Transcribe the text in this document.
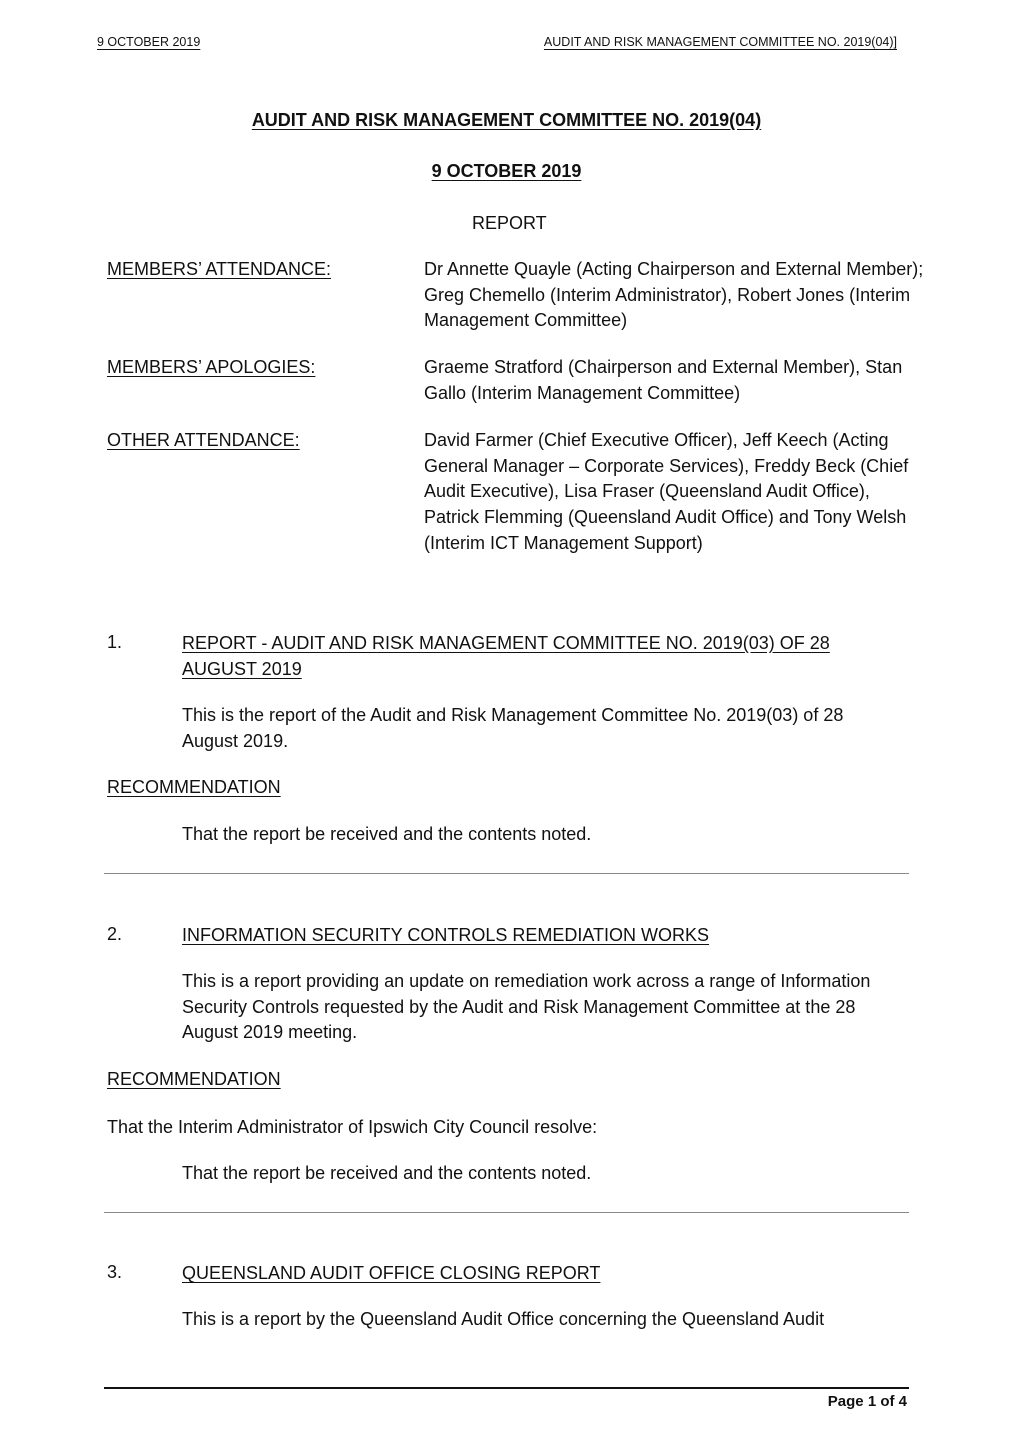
9 OCTOBER 2019	AUDIT AND RISK MANAGEMENT COMMITTEE NO. 2019(04)]
AUDIT AND RISK MANAGEMENT COMMITTEE NO. 2019(04)
9 OCTOBER 2019
REPORT
MEMBERS’ ATTENDANCE:	Dr Annette Quayle (Acting Chairperson and External Member); Greg Chemello (Interim Administrator), Robert Jones (Interim Management Committee)
MEMBERS’ APOLOGIES:	Graeme Stratford (Chairperson and External Member), Stan Gallo (Interim Management Committee)
OTHER ATTENDANCE:	David Farmer (Chief Executive Officer), Jeff Keech (Acting General Manager – Corporate Services), Freddy Beck (Chief Audit Executive), Lisa Fraser (Queensland Audit Office), Patrick Flemming (Queensland Audit Office) and Tony Welsh (Interim ICT Management Support)
1.	REPORT - AUDIT AND RISK MANAGEMENT COMMITTEE NO. 2019(03) OF 28 AUGUST 2019
This is the report of the Audit and Risk Management Committee No. 2019(03) of 28 August 2019.
RECOMMENDATION
That the report be received and the contents noted.
2.	INFORMATION SECURITY CONTROLS REMEDIATION WORKS
This is a report providing an update on remediation work across a range of Information Security Controls requested by the Audit and Risk Management Committee at the 28 August 2019 meeting.
RECOMMENDATION
That the Interim Administrator of Ipswich City Council resolve:
That the report be received and the contents noted.
3.	QUEENSLAND AUDIT OFFICE CLOSING REPORT
This is a report by the Queensland Audit Office concerning the Queensland Audit
Page 1 of 4
